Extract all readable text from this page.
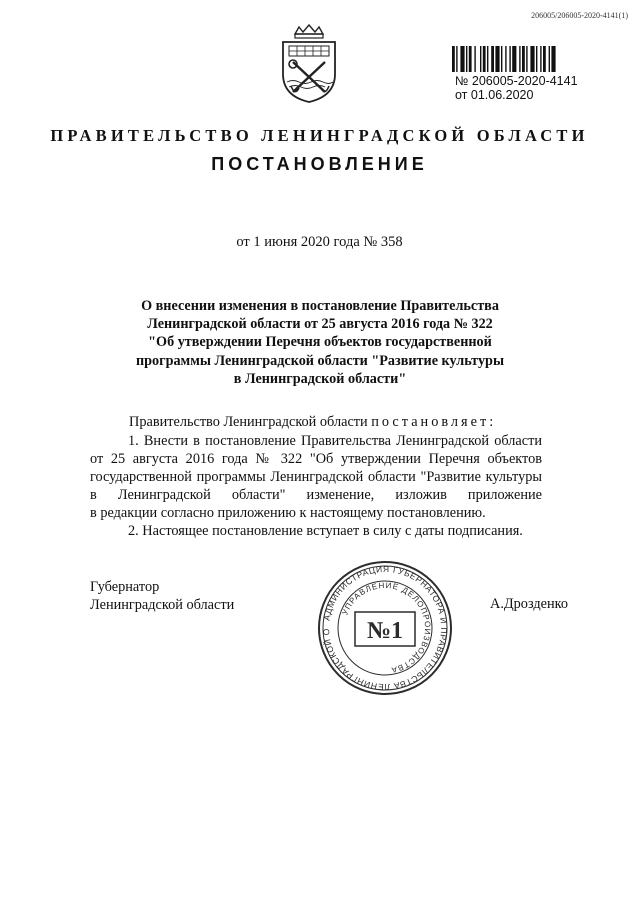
206005/206005-2020-4141(1)
№ 206005-2020-4141
от 01.06.2020
ПРАВИТЕЛЬСТВО ЛЕНИНГРАДСКОЙ ОБЛАСТИ
ПОСТАНОВЛЕНИЕ
от 1 июня 2020 года № 358
О внесении изменения в постановление Правительства
Ленинградской области от 25 августа 2016 года № 322
"Об утверждении Перечня объектов государственной
программы Ленинградской области "Развитие культуры
в Ленинградской области"
Правительство Ленинградской области постановляет:
1. Внести в постановление Правительства Ленинградской области
от 25 августа 2016 года № 322 "Об утверждении Перечня объектов
государственной программы Ленинградской области "Развитие культуры
в Ленинградской области" изменение, изложив приложение
в редакции согласно приложению к настоящему постановлению.
2. Настоящее постановление вступает в силу с даты подписания.
Губернатор
Ленинградской области	А.Дрозденко
АДМИНИСТРАЦИЯ ГУБЕРНАТОРА И ПРАВИТЕЛЬСТВА ЛЕНИНГРАДСКОЙ О
УПРАВЛЕНИЕ ДЕЛОПРОИЗВОДСТВА
№1
